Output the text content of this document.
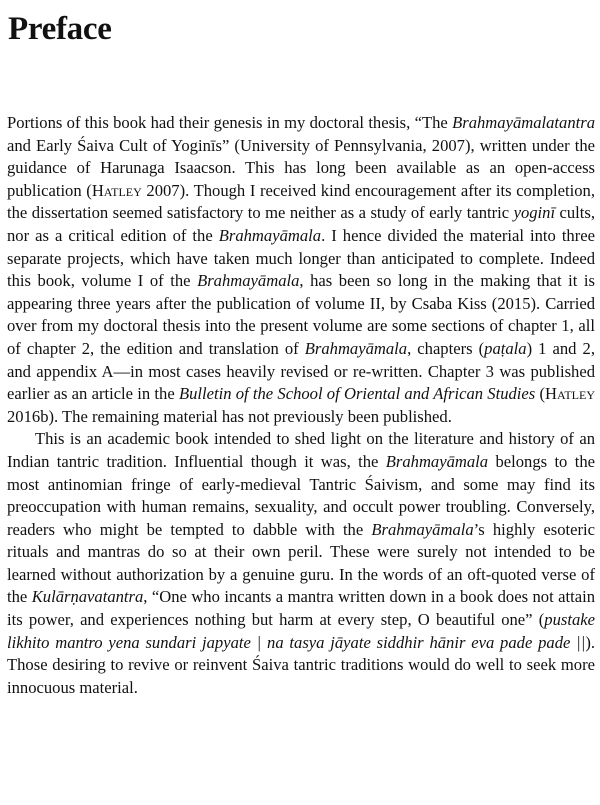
Preface

Portions of this book had their genesis in my doctoral thesis, “The Brahmayāmalatantra and Early Śaiva Cult of Yoginīs” (University of Pennsylvania, 2007), written under the guidance of Harunaga Isaacson. This has long been available as an open-access publication (Hatley 2007). Though I received kind encouragement after its completion, the dissertation seemed satisfactory to me neither as a study of early tantric yoginī cults, nor as a critical edition of the Brahmayāmala. I hence divided the material into three separate projects, which have taken much longer than anticipated to complete. Indeed this book, volume I of the Brahmayāmala, has been so long in the making that it is appearing three years after the publication of volume II, by Csaba Kiss (2015). Carried over from my doctoral thesis into the present volume are some sections of chapter 1, all of chapter 2, the edition and translation of Brahmayāmala, chapters (paṭala) 1 and 2, and appendix A—in most cases heavily revised or re-written. Chapter 3 was published earlier as an article in the Bulletin of the School of Oriental and African Studies (Hatley 2016b). The remaining material has not previously been published.

This is an academic book intended to shed light on the literature and history of an Indian tantric tradition. Influential though it was, the Brahmayāmala belongs to the most antinomian fringe of early-medieval Tantric Śaivism, and some may find its preoccupation with human remains, sexuality, and occult power troubling. Conversely, readers who might be tempted to dabble with the Brahmayāmala’s highly esoteric rituals and mantras do so at their own peril. These were surely not intended to be learned without authorization by a genuine guru. In the words of an oft-quoted verse of the Kulārṇavatantra, “One who incants a mantra written down in a book does not attain its power, and experiences nothing but harm at every step, O beautiful one” (pustake likhito mantro yena sundari japyate | na tasya jāyate siddhir hānir eva pade pade ||). Those desiring to revive or reinvent Śaiva tantric traditions would do well to seek more innocuous material.
